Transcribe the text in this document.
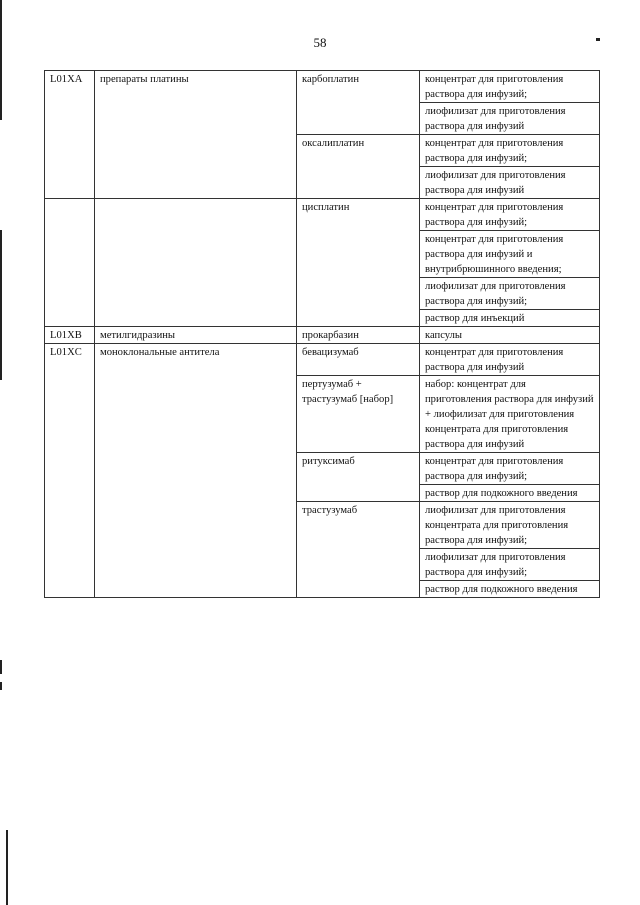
58
L01XA	препараты платины	карбоплатин	концентрат для приготовления раствора для инфузий;
			лиофилизат для приготовления раствора для инфузий
		оксалиплатин	концентрат для приготовления раствора для инфузий;
			лиофилизат для приготовления раствора для инфузий
		цисплатин	концентрат для приготовления раствора для инфузий;
			концентрат для приготовления раствора для инфузий и внутрибрюшинного введения;
			лиофилизат для приготовления раствора для инфузий;
			раствор для инъекций
L01XB	метилгидразины	прокарбазин	капсулы
L01XC	моноклональные антитела	бевацизумаб	концентрат для приготовления раствора для инфузий
		пертузумаб + трастузумаб [набор]	набор: концентрат для приготовления раствора для инфузий + лиофилизат для приготовления концентрата для приготовления раствора для инфузий
		ритуксимаб	концентрат для приготовления раствора для инфузий;
			раствор для подкожного введения
		трастузумаб	лиофилизат для приготовления концентрата для приготовления раствора для инфузий;
			лиофилизат для приготовления раствора для инфузий;
			раствор для подкожного введения
